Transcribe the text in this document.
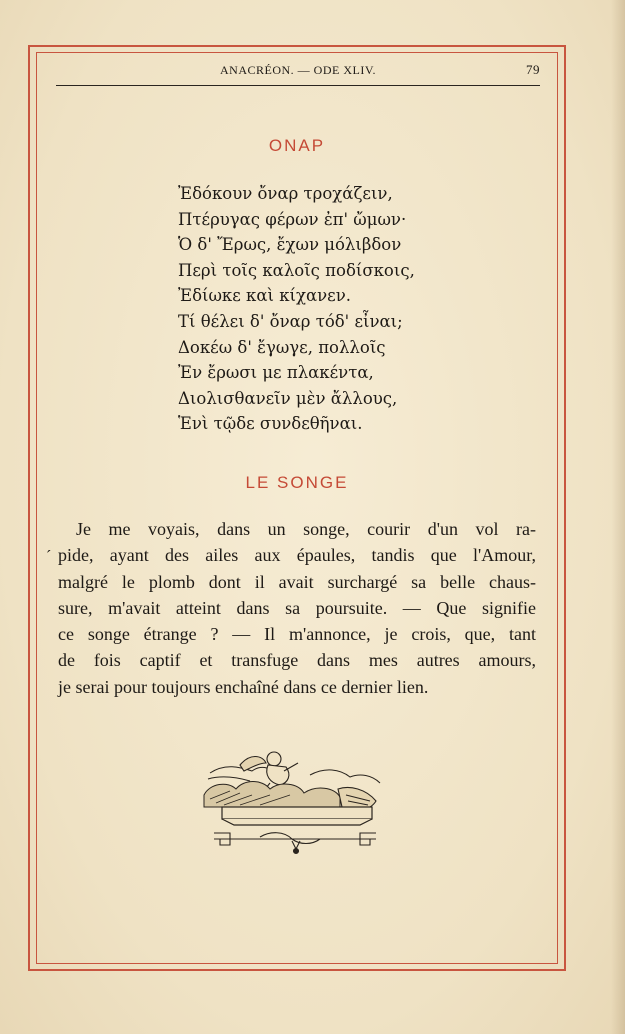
ANACRÉON. — ODE XLIV.	79
ΟΝΑΡ
Ἐδόκουν ὄναρ τροχάζειν,
Πτέρυγας φέρων ἐπ' ὤμων·
Ὁ δ' Ἔρως, ἔχων μόλιβδον
Περὶ τοῖς καλοῖς ποδίσκοις,
Ἐδίωκε καὶ κίχανεν.
Τί θέλει δ' ὄναρ τόδ' εἶναι;
Δοκέω δ' ἔγωγε, πολλοῖς
Ἐν ἔρωσι με πλακέντα,
Διολισθανεῖν μὲν ἄλλους,
Ἑνὶ τῷδε συνδεθῆναι.
LE SONGE
ˊ
Je me voyais, dans un songe, courir d'un vol ra-
pide, ayant des ailes aux épaules, tandis que l'Amour,
malgré le plomb dont il avait surchargé sa belle chaus-
sure, m'avait atteint dans sa poursuite. — Que signifie
ce songe étrange ? — Il m'annonce, je crois, que, tant
de fois captif et transfuge dans mes autres amours,
je serai pour toujours enchaîné dans ce dernier lien.
